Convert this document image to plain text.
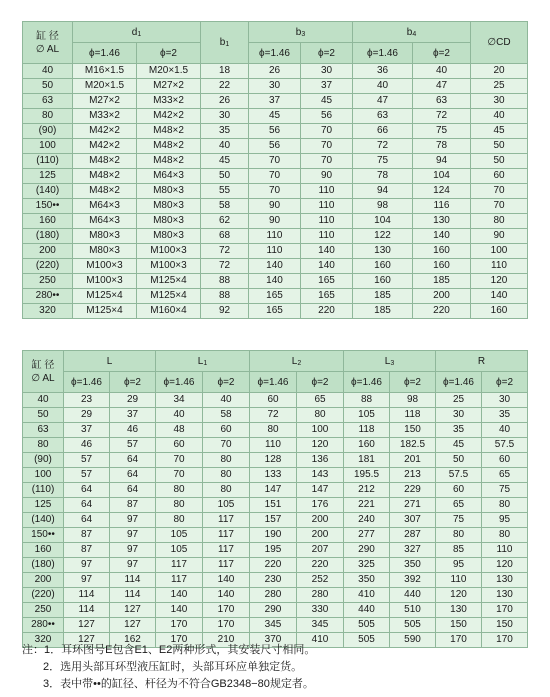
缸 径
∅ AL	$d_1$		$b_1$	$b_3$		$b_4$		∅CD
	ϕ=1.46	ϕ=2		ϕ=1.46	ϕ=2	ϕ=1.46	ϕ=2	
40	M16×1.5	M20×1.5	18	26	30	36	40	20
50	M20×1.5	M27×2	22	30	37	40	47	25
63	M27×2	M33×2	26	37	45	47	63	30
80	M33×2	M42×2	30	45	56	63	72	40
(90)	M42×2	M48×2	35	56	70	66	75	45
100	M42×2	M48×2	40	56	70	72	78	50
(110)	M48×2	M48×2	45	70	70	75	94	50
125	M48×2	M64×3	50	70	90	78	104	60
(140)	M48×2	M80×3	55	70	110	94	124	70
150••	M64×3	M80×3	58	90	110	98	116	70
160	M64×3	M80×3	62	90	110	104	130	80
(180)	M80×3	M80×3	68	110	110	122	140	90
200	M80×3	M100×3	72	110	140	130	160	100
(220)	M100×3	M100×3	72	140	140	160	160	110
250	M100×3	M125×4	88	140	165	160	185	120
280••	M125×4	M125×4	88	165	165	185	200	140
320	M125×4	M160×4	92	165	220	185	220	160
缸 径
∅ AL	L		$L_1$		$L_2$		$L_3$		R	
	ϕ=1.46	ϕ=2	ϕ=1.46	ϕ=2	ϕ=1.46	ϕ=2	ϕ=1.46	ϕ=2	ϕ=1.46	ϕ=2
40	23	29	34	40	60	65	88	98	25	30
50	29	37	40	58	72	80	105	118	30	35
63	37	46	48	60	80	100	118	150	35	40
80	46	57	60	70	110	120	160	182.5	45	57.5
(90)	57	64	70	80	128	136	181	201	50	60
100	57	64	70	80	133	143	195.5	213	57.5	65
(110)	64	64	80	80	147	147	212	229	60	75
125	64	87	80	105	151	176	221	271	65	80
(140)	64	97	80	117	157	200	240	307	75	95
150••	87	97	105	117	190	200	277	287	80	80
160	87	97	105	117	195	207	290	327	85	110
(180)	97	97	117	117	220	220	325	350	95	120
200	97	114	117	140	230	252	350	392	110	130
(220)	114	114	140	140	280	280	410	440	120	130
250	114	127	140	170	290	330	440	510	130	170
280••	127	127	170	170	345	345	505	505	150	150
320	127	162	170	210	370	410	505	590	170	170
注：1．耳环图号E包含E1、E2两种形式，其安装尺寸相同。
2．选用头部耳环型液压缸时，头部耳环应单独定货。
3．表中带••的缸径、杆径为不符合GB2348−80规定者。
